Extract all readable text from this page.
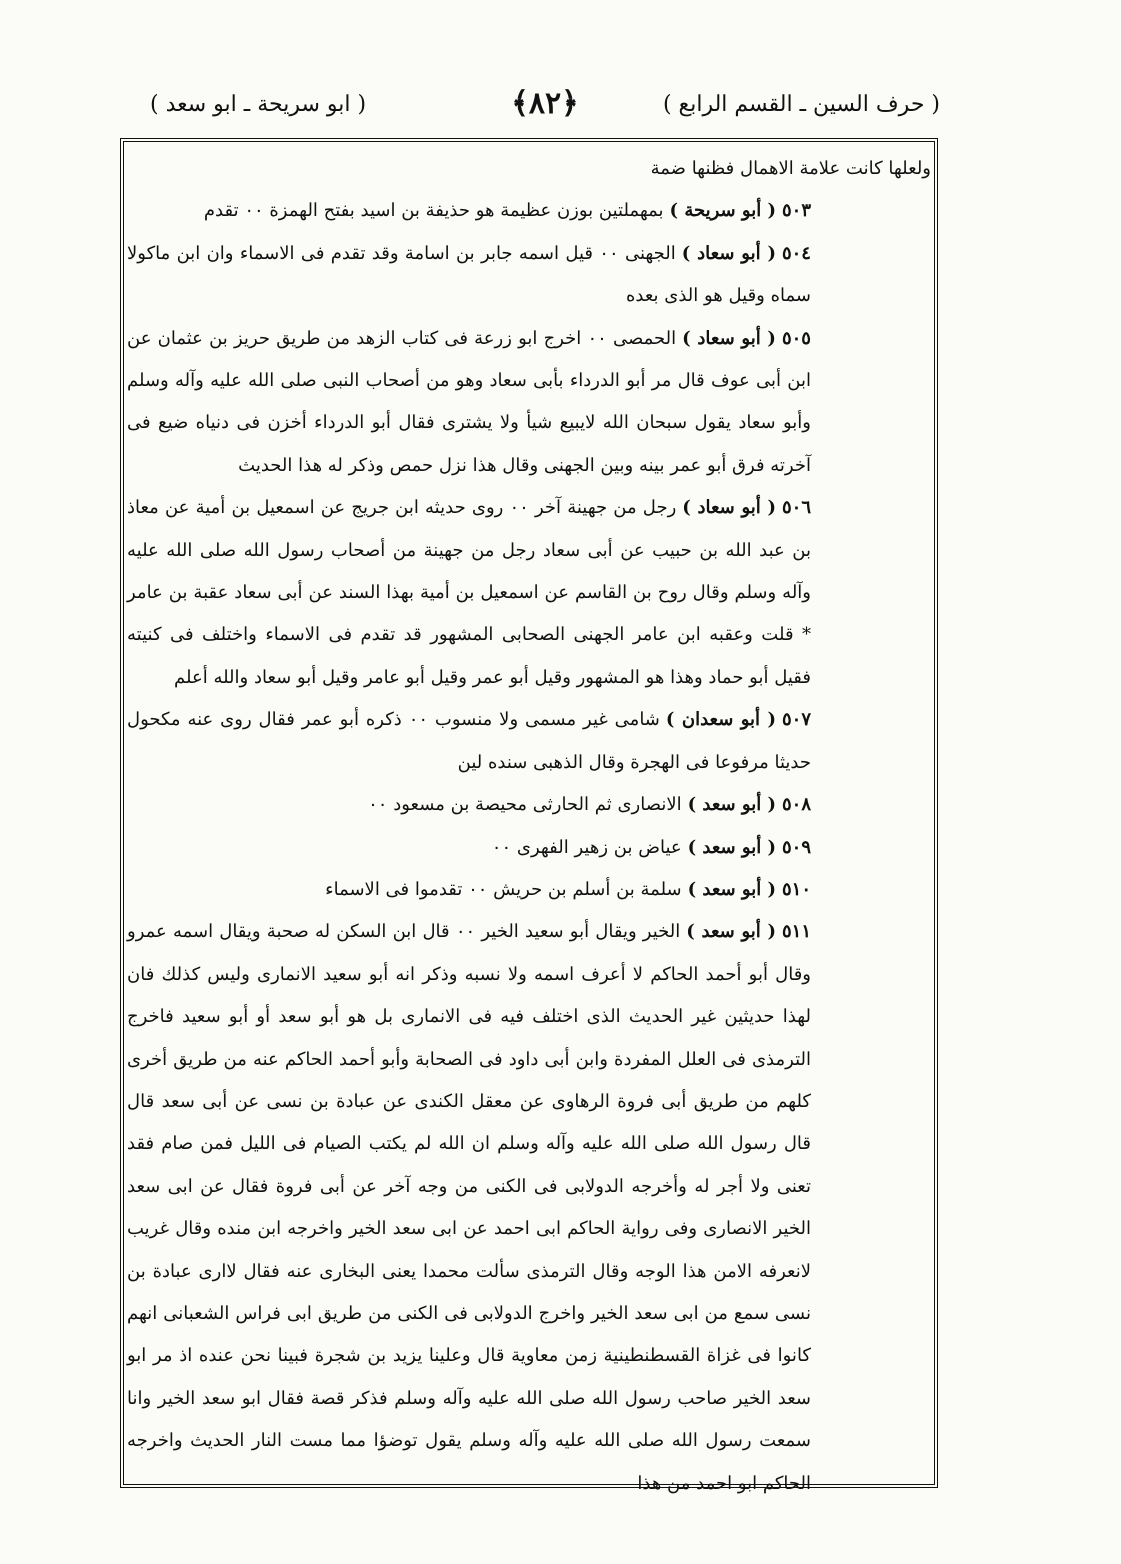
( حرف السين ـ القسم الرابع )
﴿٨٢﴾
( ابو سريحة ـ ابو سعد )

ولعلها كانت علامة الاهمال فظنها ضمة

٥٠٣( أبو سريحة )بمهملتين بوزن عظيمة هو حذيفة بن اسيد بفتح الهمزة ٠٠ تقدم

٥٠٤( أبو سعاد )الجهنى ٠٠ قيل اسمه جابر بن اسامة وقد تقدم فى الاسماء وان ابن ماكولا سماه وقيل هو الذى بعده

٥٠٥( أبو سعاد )الحمصى ٠٠ اخرج ابو زرعة فى كتاب الزهد من طريق حريز بن عثمان عن ابن أبى عوف قال مر أبو الدرداء بأبى سعاد وهو من أصحاب النبى صلى الله عليه وآله وسلم وأبو سعاد يقول سبحان الله لايبيع شيأ ولا يشترى فقال أبو الدرداء أخزن فى دنياه ضيع فى آخرته فرق أبو عمر بينه وبين الجهنى وقال هذا نزل حمص وذكر له هذا الحديث

٥٠٦( أبو سعاد )رجل من جهينة آخر ٠٠ روى حديثه ابن جريج عن اسمعيل بن أمية عن معاذ بن عبد الله بن حبيب عن أبى سعاد رجل من جهينة من أصحاب رسول الله صلى الله عليه وآله وسلم وقال روح بن القاسم عن اسمعيل بن أمية بهذا السند عن أبى سعاد عقبة بن عامر * قلت وعقبه ابن عامر الجهنى الصحابى المشهور قد تقدم فى الاسماء واختلف فى كنيته فقيل أبو حماد وهذا هو المشهور وقيل أبو عمر وقيل أبو عامر وقيل أبو سعاد والله أعلم

٥٠٧( أبو سعدان )شامى غير مسمى ولا منسوب ٠٠ ذكره أبو عمر فقال روى عنه مكحول حديثا مرفوعا فى الهجرة وقال الذهبى سنده لين

٥٠٨( أبو سعد )الانصارى ثم الحارثى محيصة بن مسعود ٠٠

٥٠٩( أبو سعد )عياض بن زهير الفهرى ٠٠

٥١٠( أبو سعد )سلمة بن أسلم بن حريش ٠٠ تقدموا فى الاسماء

٥١١( أبو سعد )الخير ويقال أبو سعيد الخير ٠٠ قال ابن السكن له صحبة ويقال اسمه عمرو وقال أبو أحمد الحاكم لا أعرف اسمه ولا نسبه وذكر انه أبو سعيد الانمارى وليس كذلك فان لهذا حديثين غير الحديث الذى اختلف فيه فى الانمارى بل هو أبو سعد أو أبو سعيد فاخرج الترمذى فى العلل المفردة وابن أبى داود فى الصحابة وأبو أحمد الحاكم عنه من طريق أخرى كلهم من طريق أبى فروة الرهاوى عن معقل الكندى عن عبادة بن نسى عن أبى سعد قال قال رسول الله صلى الله عليه وآله وسلم ان الله لم يكتب الصيام فى الليل فمن صام فقد تعنى ولا أجر له وأخرجه الدولابى فى الكنى من وجه آخر عن أبى فروة فقال عن ابى سعد الخير الانصارى وفى رواية الحاكم ابى احمد عن ابى سعد الخير واخرجه ابن منده وقال غريب لانعرفه الامن هذا الوجه وقال الترمذى سألت محمدا يعنى البخارى عنه فقال لاارى عبادة بن نسى سمع من ابى سعد الخير واخرج الدولابى فى الكنى من طريق ابى فراس الشعبانى انهم كانوا فى غزاة القسطنطينية زمن معاوية قال وعلينا يزيد بن شجرة فبينا نحن عنده اذ مر ابو سعد الخير صاحب رسول الله صلى الله عليه وآله وسلم فذكر قصة فقال ابو سعد الخير وانا سمعت رسول الله صلى الله عليه وآله وسلم يقول توضؤا مما مست النار الحديث واخرجه الحاكم ابو احمد من هذا
